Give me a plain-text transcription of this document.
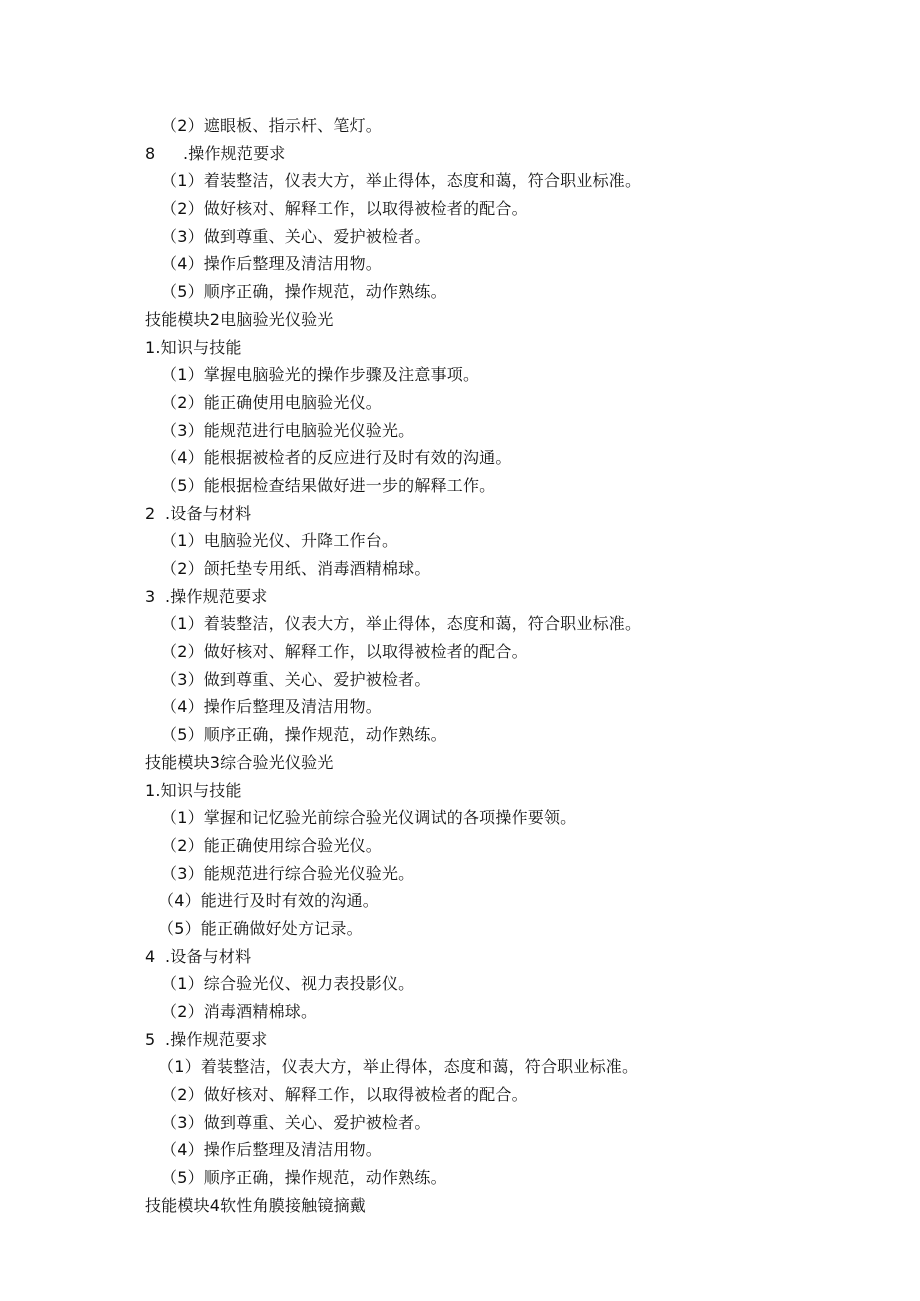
（2）遮眼板、指示杆、笔灯。
8 .操作规范要求
（1）着装整洁，仪表大方，举止得体，态度和蔼，符合职业标准。
（2）做好核对、解释工作，以取得被检者的配合。
（3）做到尊重、关心、爱护被检者。
（4）操作后整理及清洁用物。
（5）顺序正确，操作规范，动作熟练。
技能模块2电脑验光仪验光
1.知识与技能
（1）掌握电脑验光的操作步骤及注意事项。
（2）能正确使用电脑验光仪。
（3）能规范进行电脑验光仪验光。
（4）能根据被检者的反应进行及时有效的沟通。
（5）能根据检查结果做好进一步的解释工作。
2 .设备与材料
（1）电脑验光仪、升降工作台。
（2）颌托垫专用纸、消毒酒精棉球。
3 .操作规范要求
（1）着装整洁，仪表大方，举止得体，态度和蔼，符合职业标准。
（2）做好核对、解释工作，以取得被检者的配合。
（3）做到尊重、关心、爱护被检者。
（4）操作后整理及清洁用物。
（5）顺序正确，操作规范，动作熟练。
技能模块3综合验光仪验光
1.知识与技能
（1）掌握和记忆验光前综合验光仪调试的各项操作要领。
（2）能正确使用综合验光仪。
（3）能规范进行综合验光仪验光。
（4）能进行及时有效的沟通。
（5）能正确做好处方记录。
4 .设备与材料
（1）综合验光仪、视力表投影仪。
（2）消毒酒精棉球。
5 .操作规范要求
（1）着装整洁，仪表大方，举止得体，态度和蔼，符合职业标准。
（2）做好核对、解释工作，以取得被检者的配合。
（3）做到尊重、关心、爱护被检者。
（4）操作后整理及清洁用物。
（5）顺序正确，操作规范，动作熟练。
技能模块4软性角膜接触镜摘戴
